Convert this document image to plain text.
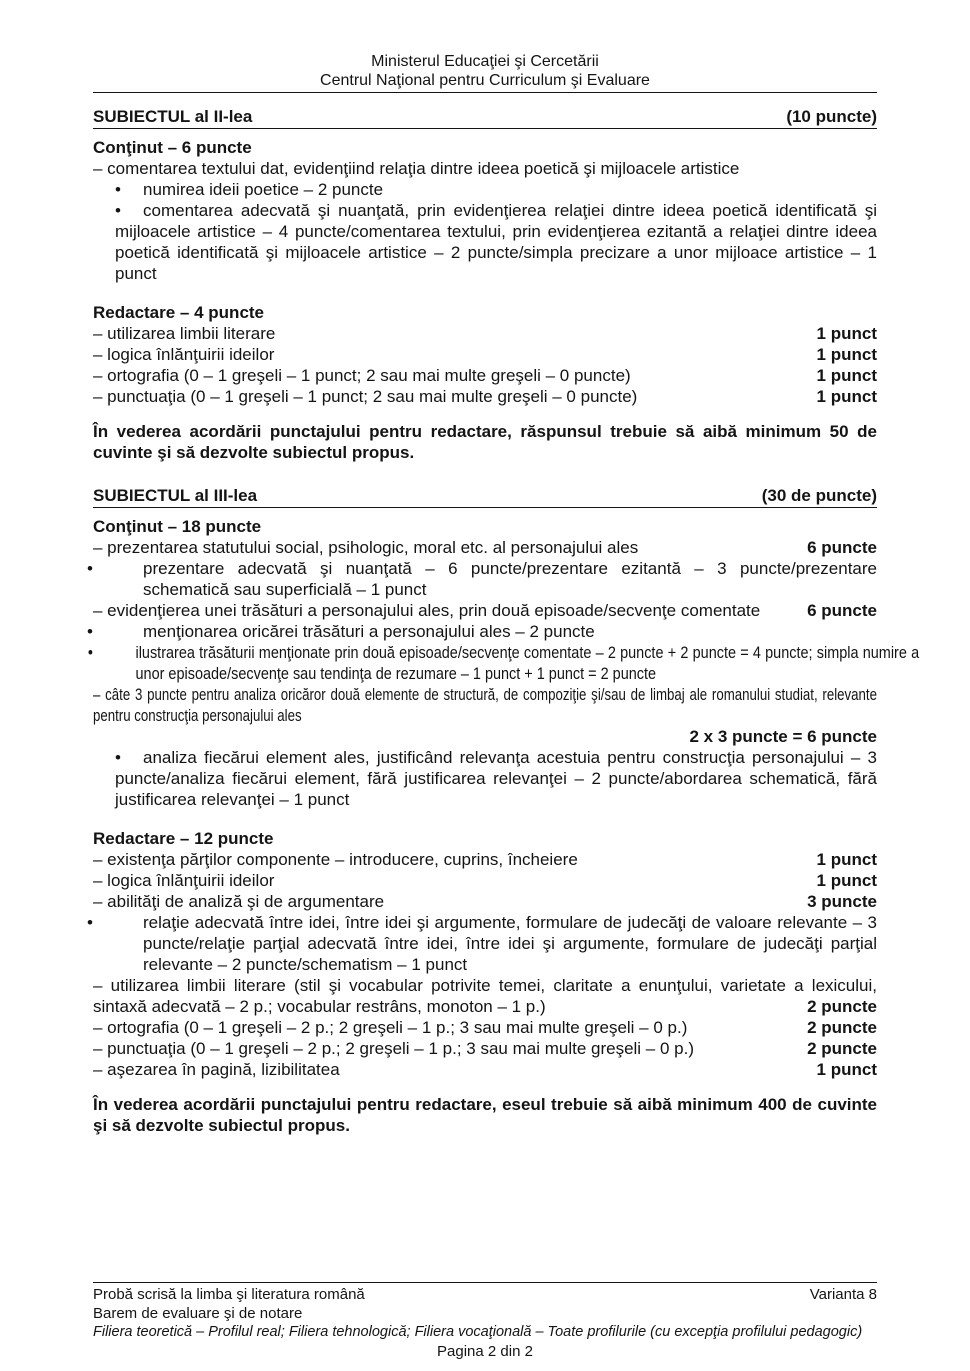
Ministerul Educaţiei şi Cercetării
Centrul Naţional pentru Curriculum şi Evaluare
SUBIECTUL al II-lea	(10 puncte)

Conţinut – 6 puncte

– comentarea textului dat, evidenţiind relaţia dintre ideea poetică şi mijloacele artistice

• numirea ideii poetice – 2 puncte

• comentarea adecvată şi nuanţată, prin evidenţierea relaţiei dintre ideea poetică identificată şi mijloacele artistice – 4 puncte/comentarea textului, prin evidenţierea ezitantă a relaţiei dintre ideea poetică identificată şi mijloacele artistice – 2 puncte/simpla precizare a unor mijloace artistice – 1 punct

Redactare – 4 puncte

– utilizarea limbii literare	1 punct
– logica înlănţuirii ideilor	1 punct
– ortografia (0 – 1 greşeli – 1 punct; 2 sau mai multe greşeli – 0 puncte)	1 punct
– punctuaţia (0 – 1 greşeli – 1 punct; 2 sau mai multe greşeli – 0 puncte)	1 punct

În vederea acordării punctajului pentru redactare, răspunsul trebuie să aibă minimum 50 de cuvinte şi să dezvolte subiectul propus.

SUBIECTUL al III-lea	(30 de puncte)

Conţinut – 18 puncte

– prezentarea statutului social, psihologic, moral etc. al personajului ales	6 puncte

• prezentare adecvată şi nuanţată – 6 puncte/prezentare ezitantă – 3 puncte/prezentare schematică sau superficială – 1 punct

– evidenţierea unei trăsături a personajului ales, prin două episoade/secvenţe comentate	6 puncte

• menţionarea oricărei trăsături a personajului ales – 2 puncte

• ilustrarea trăsăturii menţionate prin două episoade/secvenţe comentate – 2 puncte + 2 puncte = 4 puncte; simpla numire a unor episoade/secvenţe sau tendinţa de rezumare – 1 punct + 1 punct = 2 puncte

– câte 3 puncte pentru analiza oricăror două elemente de structură, de compoziţie şi/sau de limbaj ale romanului studiat, relevante pentru construcţia personajului ales

2 x 3 puncte = 6 puncte

• analiza fiecărui element ales, justificând relevanţa acestuia pentru construcţia personajului – 3 puncte/analiza fiecărui element, fără justificarea relevanţei – 2 puncte/abordarea schematică, fără justificarea relevanţei – 1 punct

Redactare – 12 puncte

– existenţa părţilor componente – introducere, cuprins, încheiere	1 punct
– logica înlănţuirii ideilor	1 punct
– abilităţi de analiză şi de argumentare	3 puncte

• relaţie adecvată între idei, între idei şi argumente, formulare de judecăţi de valoare relevante – 3 puncte/relaţie parţial adecvată între idei, între idei şi argumente, formulare de judecăţi parţial relevante – 2 puncte/schematism – 1 punct

– utilizarea limbii literare (stil şi vocabular potrivite temei, claritate a enunţului, varietate a lexicului, sintaxă adecvată – 2 p.; vocabular restrâns, monoton – 1 p.)	2 puncte

– ortografia (0 – 1 greşeli – 2 p.; 2 greşeli – 1 p.; 3 sau mai multe greşeli – 0 p.)	2 puncte
– punctuaţia (0 – 1 greşeli – 2 p.; 2 greşeli – 1 p.; 3 sau mai multe greşeli – 0 p.)	2 puncte
– aşezarea în pagină, lizibilitatea	1 punct

În vederea acordării punctajului pentru redactare, eseul trebuie să aibă minimum 400 de cuvinte şi să dezvolte subiectul propus.

Probă scrisă la limba şi literatura română	Varianta 8
Barem de evaluare şi de notare
Filiera teoretică – Profilul real; Filiera tehnologică; Filiera vocaţională – Toate profilurile (cu excepţia profilului pedagogic)
Pagina 2 din 2
